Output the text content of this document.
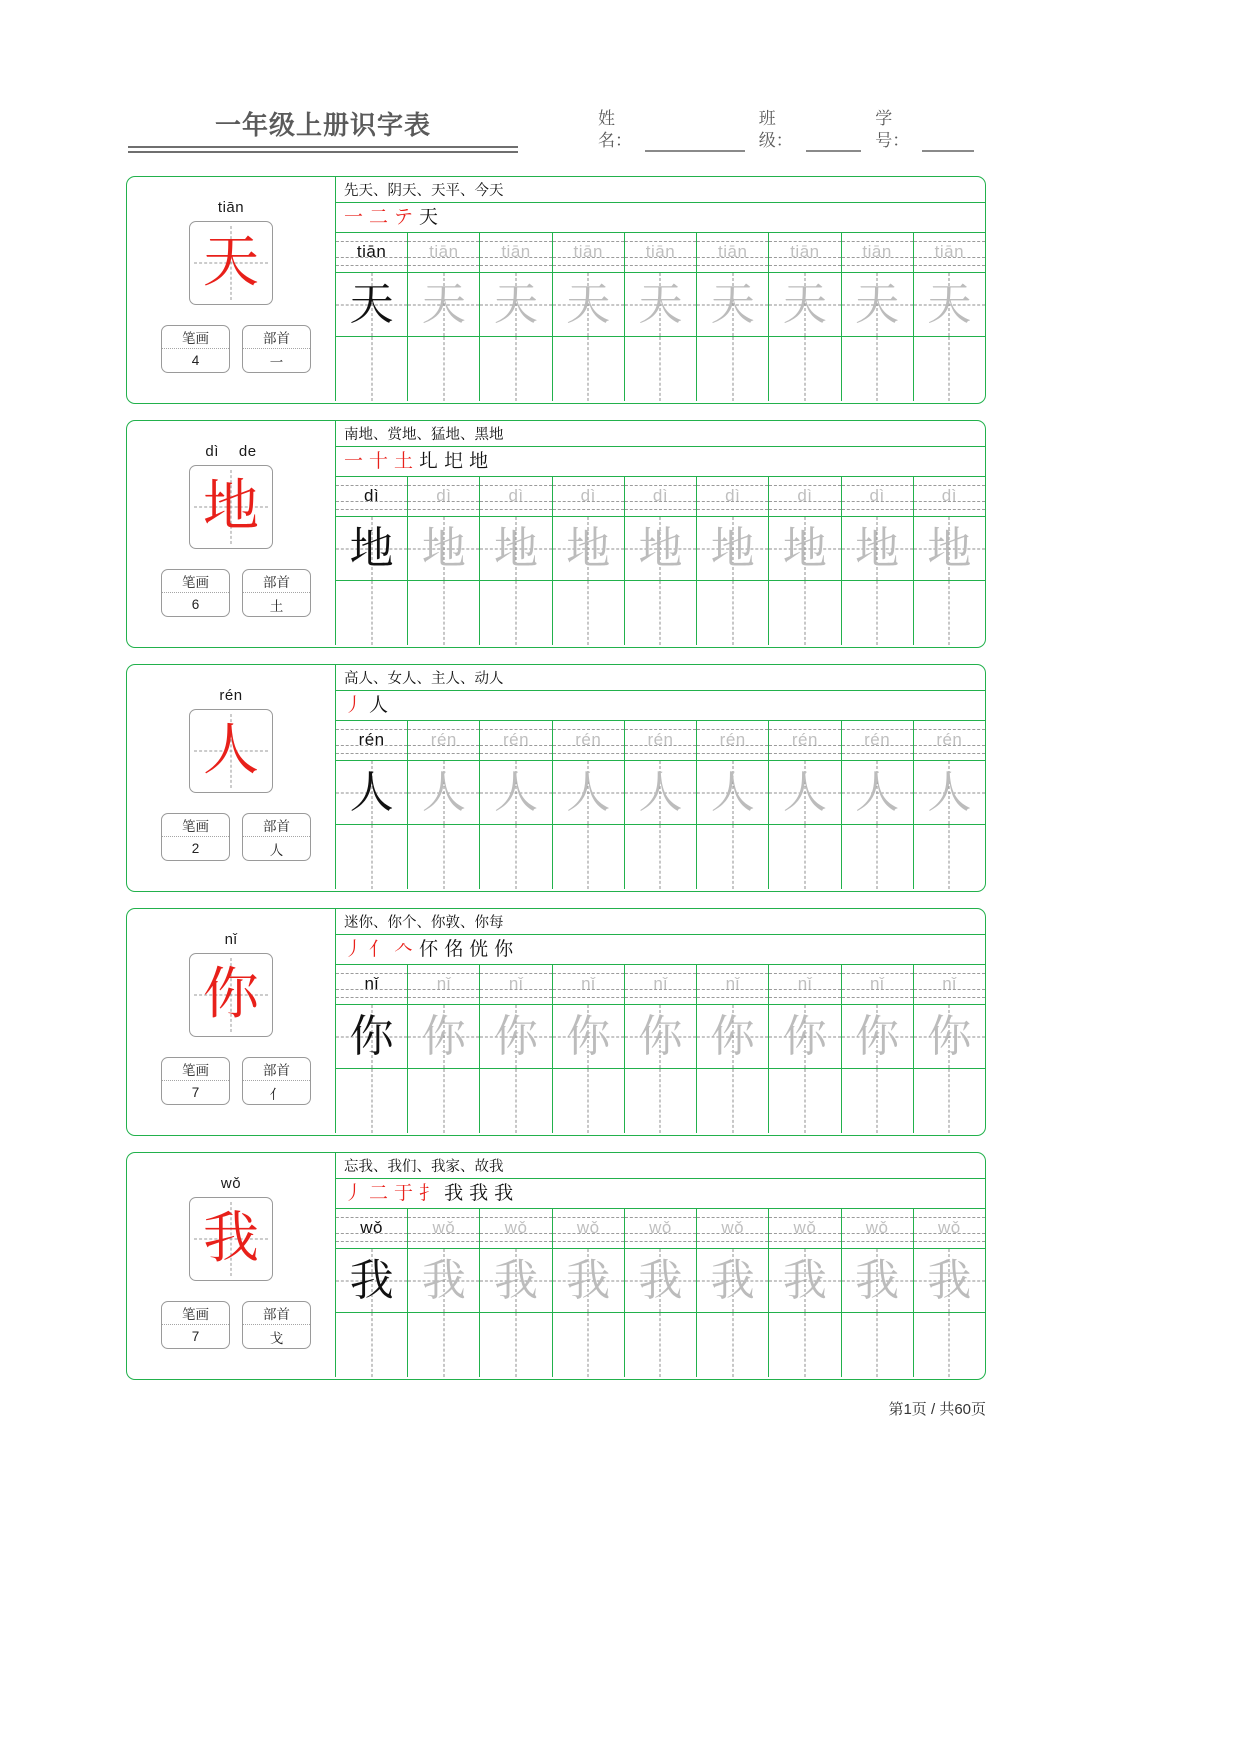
一年级上册识字表	姓名：
班级：
学号：
tiān
天
笔画
4
部首
一
先天、阴天、天平、今天
一 二 テ 天
tiān	tiān	tiān	tiān	tiān	tiān	tiān	tiān	tiān
天 天 天 天 天 天 天 天 天
dì de
地
笔画
6
部首
土
南地、赏地、猛地、黑地
一 十 土 圠 圯 地
dì	dì	dì	dì	dì	dì	dì	dì	dì
地 地 地 地 地 地 地 地 地
rén
人
笔画
2
部首
人
高人、女人、主人、动人
丿 人
rén	rén	rén	rén	rén	rén	rén	rén	rén
人 人 人 人 人 人 人 人 人
nǐ
你
笔画
7
部首
亻
迷你、你个、你敦、你每
丿 亻 𠆢 伓 佲 侊 你
nǐ	nǐ	nǐ	nǐ	nǐ	nǐ	nǐ	nǐ	nǐ
你 你 你 你 你 你 你 你 你
wǒ
我
笔画
7
部首
戈
忘我、我们、我家、故我
丿 二 于 扌 我 我 我
wǒ	wǒ	wǒ	wǒ	wǒ	wǒ	wǒ	wǒ	wǒ
我 我 我 我 我 我 我 我 我
第1页 / 共60页
